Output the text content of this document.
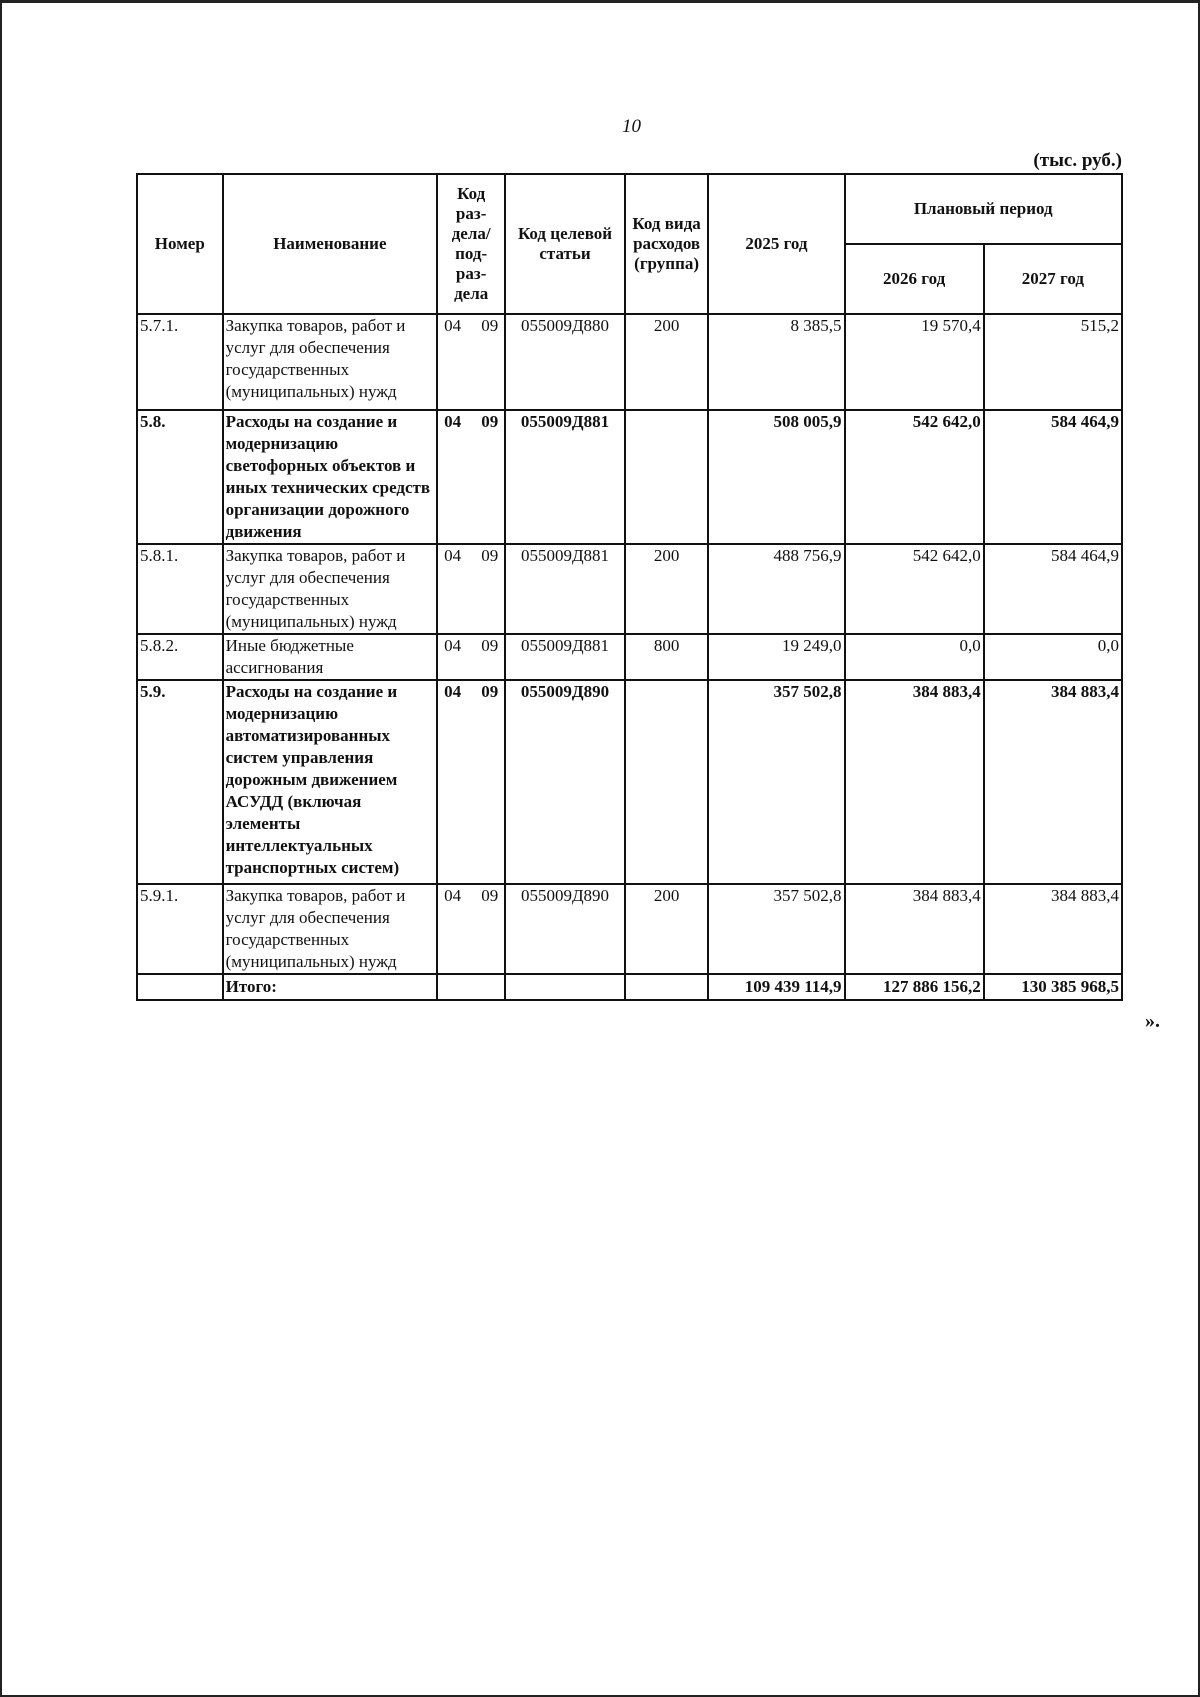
10
(тыс. руб.)
Номер	Наименование	Код раз-дела/ под-раз-дела	Код целевой статьи	Код вида расходов (группа)	2025 год	Плановый период	
						2026 год	2027 год
5.7.1.	Закупка товаров, работ и услуг для обеспечения государственных (муниципальных) нужд	04 09	055009Д880	200	8 385,5	19 570,4	515,2
5.8.	Расходы на создание и модернизацию светофорных объектов и иных технических средств организации дорожного движения	04 09	055009Д881		508 005,9	542 642,0	584 464,9
5.8.1.	Закупка товаров, работ и услуг для обеспечения государственных (муниципальных) нужд	04 09	055009Д881	200	488 756,9	542 642,0	584 464,9
5.8.2.	Иные бюджетные ассигнования	04 09	055009Д881	800	19 249,0	0,0	0,0
5.9.	Расходы на создание и модернизацию автоматизированных систем управления дорожным движением АСУДД (включая элементы интеллектуальных транспортных систем)	04 09	055009Д890		357 502,8	384 883,4	384 883,4
5.9.1.	Закупка товаров, работ и услуг для обеспечения государственных (муниципальных) нужд	04 09	055009Д890	200	357 502,8	384 883,4	384 883,4
	Итого:				109 439 114,9	127 886 156,2	130 385 968,5
».
